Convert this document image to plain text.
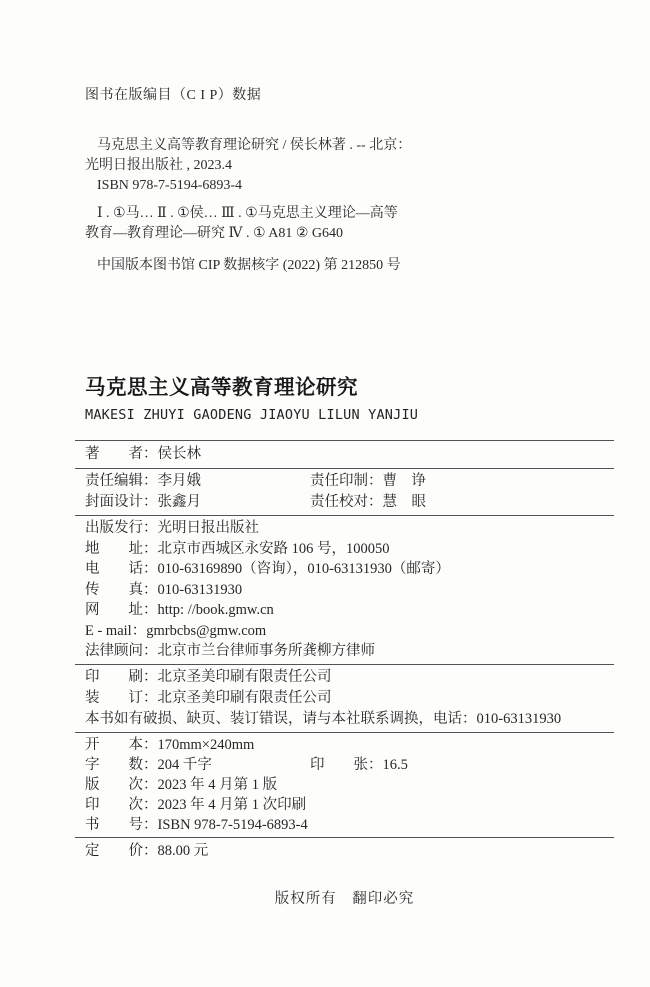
图书在版编目（C I P）数据
马克思主义高等教育理论研究 / 侯长林著 . -- 北京：
光明日报出版社 , 2023.4
ISBN 978-7-5194-6893-4
Ⅰ . ①马… Ⅱ . ①侯… Ⅲ . ①马克思主义理论—高等
教育—教育理论—研究 Ⅳ . ① A81 ② G640
中国版本图书馆 CIP 数据核字 (2022) 第 212850 号
马克思主义高等教育理论研究
MAKESI ZHUYI GAODENG JIAOYU LILUN YANJIU
著　　者：侯长林
责任编辑：李月娥	责任印制：曹　诤
封面设计：张鑫月	责任校对：慧　眼
出版发行：光明日报出版社
地　　址：北京市西城区永安路 106 号，100050
电　　话：010-63169890（咨询），010-63131930（邮寄）
传　　真：010-63131930
网　　址：http: //book.gmw.cn
E - mail：gmrbcbs@gmw.com
法律顾问：北京市兰台律师事务所龚柳方律师
印　　刷：北京圣美印刷有限责任公司
装　　订：北京圣美印刷有限责任公司
本书如有破损、缺页、装订错误，请与本社联系调换，电话：010-63131930
开　　本：170mm×240mm
字　　数：204 千字	印　　张：16.5
版　　次：2023 年 4 月第 1 版
印　　次：2023 年 4 月第 1 次印刷
书　　号：ISBN 978-7-5194-6893-4
定　　价：88.00 元
版权所有　翻印必究
